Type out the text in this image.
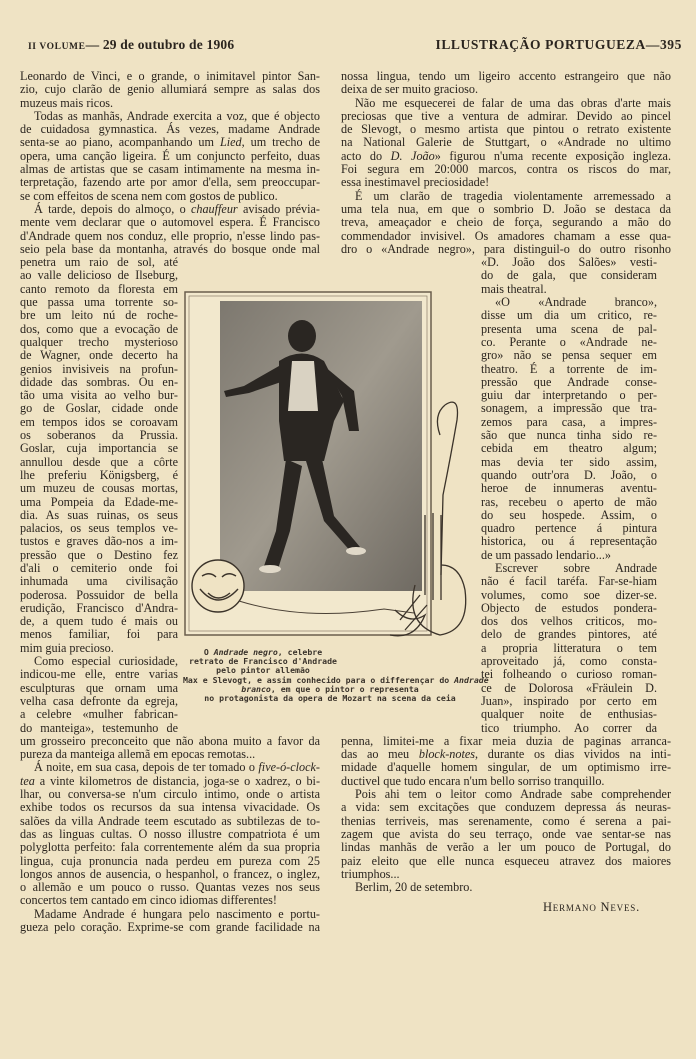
II VOLUME— 29 de outubro de 1906	ILLUSTRAÇÃO PORTUGUEZA—395
Leonardo de Vinci, e o grande, o inimitavel pintor San-
zio, cujo clarão de genio allumiará sempre as salas dos
muzeus mais ricos.
Todas as manhãs, Andrade exercita a voz, que é objecto
de cuidadosa gymnastica. Ás vezes, madame Andrade
senta-se ao piano, acompanhando um Lied, um trecho de
opera, uma canção ligeira. É um conjuncto perfeito, duas
almas de artistas que se casam intimamente na mesma in-
terpretação, fazendo arte por amor d'ella, sem preoccupar-
se com effeitos de scena nem com gostos de publico.
Á tarde, depois do almoço, o chauffeur avisado prévia-
mente vem declarar que o automovel espera. É Francisco
d'Andrade quem nos conduz, elle proprio, n'esse lindo pas-
seio pela base da montanha, através do bosque onde mal
penetra um raio de sol, até
ao valle delicioso de Ilseburg,
canto remoto da floresta em
que passa uma torrente so-
bre um leito nú de roche-
dos, como que a evocação de
qualquer trecho mysterioso
de Wagner, onde decerto ha
genios invisiveis na profun-
didade das sombras. Ou en-
tão uma visita ao velho bur-
go de Goslar, cidade onde
em tempos idos se coroavam
os soberanos da Prussia.
Goslar, cuja importancia se
annullou desde que a côrte
lhe preferiu Königsberg, é
um muzeu de cousas mortas,
uma Pompeia da Edade-me-
dia. As suas ruinas, os seus
palacios, os seus templos ve-
tustos e graves dão-nos a im-
pressão que o Destino fez
d'ali o cemiterio onde foi
inhumada uma civilisação
poderosa. Possuidor de bella
erudição, Francisco d'Andra-
de, a quem tudo é mais ou
menos familiar, foi para
mim guia precioso.
Como especial curiosidade,
indicou-me elle, entre varias
esculpturas que ornam uma
velha casa defronte da egreja,
a celebre «mulher fabrican-
do manteiga», testemunho de
um grosseiro preconceito que não abona muito a favor da
pureza da manteiga allemã em epocas remotas...
Á noite, em sua casa, depois de ter tomado o five-ó-clock-
tea a vinte kilometros de distancia, joga-se o xadrez, o bi-
lhar, ou conversa-se n'um circulo intimo, onde o artista
exhibe todos os recursos da sua intensa vivacidade. Os
salões da villa Andrade teem escutado as subtilezas de to-
das as linguas cultas. O nosso illustre compatriota é um
polyglotta perfeito: fala correntemente além da sua propria
lingua, cuja pronuncia nada perdeu em pureza com 25
longos annos de ausencia, o hespanhol, o francez, o inglez,
o allemão e um pouco o russo. Quantas vezes nos seus
concertos tem cantado em cinco idiomas differentes!
Madame Andrade é hungara pelo nascimento e portu-
gueza pelo coração. Exprime-se com grande facilidade na
nossa lingua, tendo um ligeiro accento estrangeiro que não
deixa de ser muito gracioso.
Não me esquecerei de falar de uma das obras d'arte mais
preciosas que tive a ventura de admirar. Devido ao pincel
de Slevogt, o mesmo artista que pintou o retrato existente
na National Galerie de Stuttgart, o «Andrade no ultimo
acto do D. João» figurou n'uma recente exposição ingleza.
Foi segura em 20:000 marcos, contra os riscos do mar,
essa inestimavel preciosidade!
É um clarão de tragedia violentamente arremessado a
uma tela nua, em que o sombrio D. João se destaca da
treva, ameaçador e cheio de força, segurando a mão do
commendador invisivel. Os amadores chamam a esse qua-
dro o «Andrade negro», para distinguil-o do outro risonho
«D. João dos Salões» vesti-
do de gala, que consideram
mais theatral.
«O «Andrade branco»,
disse um dia um critico, re-
presenta uma scena de pal-
co. Perante o «Andrade ne-
gro» não se pensa sequer em
theatro. É a torrente de im-
pressão que Andrade conse-
guiu dar interpretando o per-
sonagem, a impressão que tra-
zemos para casa, a impres-
são que nunca tinha sido re-
cebida em theatro algum;
mas devia ter sido assim,
quando outr'ora D. João, o
heroe de innumeras aventu-
ras, recebeu o aperto de mão
do seu hospede. Assim, o
quadro pertence á pintura
historica, ou á representação
de um passado lendario...»
Escrever sobre Andrade
não é facil taréfa. Far-se-hiam
volumes, como soe dizer-se.
Objecto de estudos pondera-
dos dos velhos criticos, mo-
delo de grandes pintores, até
a propria litteratura o tem
aproveitado já, como consta-
tei folheando o curioso roman-
ce de Dolorosa «Fräulein D.
Juan», inspirado por certo em
qualquer noite de enthusias-
tico triumpho. Ao correr da
penna, limitei-me a fixar meia duzia de paginas arranca-
das ao meu block-notes, durante os dias vividos na inti-
midade d'aquelle homem singular, de um optimismo irre-
ductivel que tudo encara n'um bello sorriso tranquillo.
Pois ahi tem o leitor como Andrade sabe comprehender
a vida: sem excitações que conduzem depressa ás neuras-
thenias terriveis, mas serenamente, como é serena a pai-
zagem que avista do seu terraço, onde vae sentar-se nas
lindas manhãs de verão a ler um pouco de Portugal, do
paiz eleito que elle nunca esqueceu atravez dos maiores
triumphos...
Berlim, 20 de setembro.
Hermano Neves.
O Andrade negro, celebre
retrato de Francisco d'Andrade
pelo pintor allemão
Max e Slevogt, e assim conhecido para o differençar do Andrade
branco, em que o pintor o representa
no protagonista da opera de Mozart na scena da ceia
